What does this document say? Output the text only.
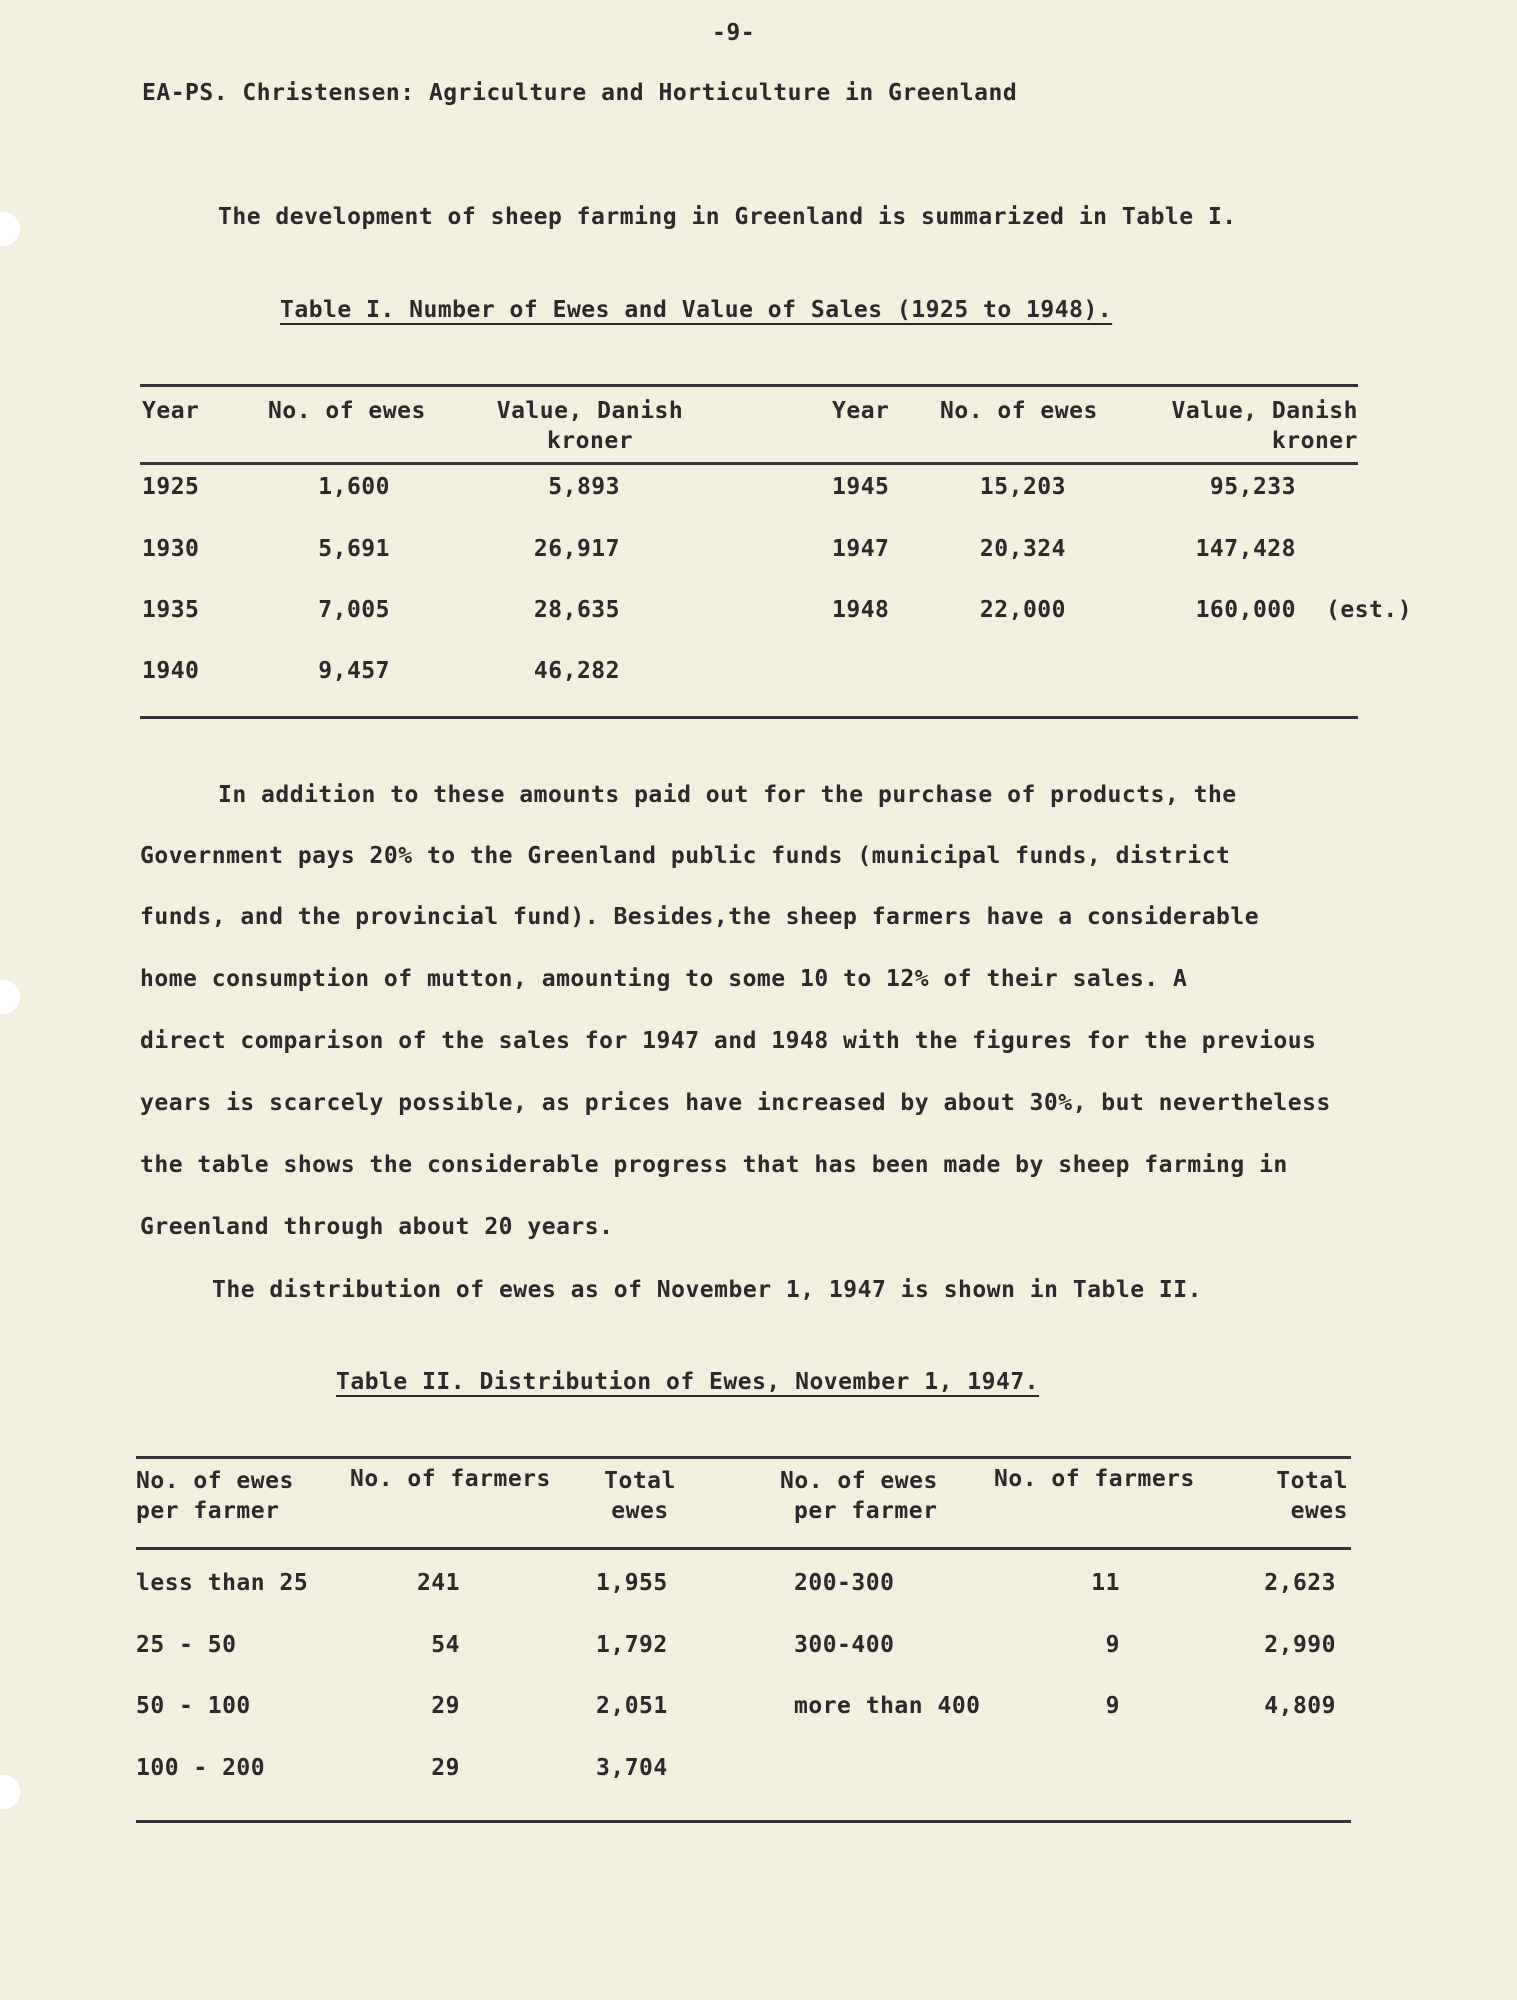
-9-
EA-PS. Christensen: Agriculture and Horticulture in Greenland
The development of sheep farming in Greenland is summarized in Table I.
Table I. Number of Ewes and Value of Sales (1925 to 1948).
Year	No. of ewes	Value, Danish
kroner
Year No. of ewes	Value, Danish
kroner
1925	1,600	5,893
1930	5,691	26,917
1935	7,005	28,635
1940	9,457	46,282
1945	15,203	95,233
1947	20,324	147,428
1948	22,000	160,000 (est.)
In addition to these amounts paid out for the purchase of products, the
Government pays 20% to the Greenland public funds (municipal funds, district
funds, and the provincial fund). Besides,the sheep farmers have a considerable
home consumption of mutton, amounting to some 10 to 12% of their sales. A
direct comparison of the sales for 1947 and 1948 with the figures for the previous
years is scarcely possible, as prices have increased by about 30%, but nevertheless
the table shows the considerable progress that has been made by sheep farming in
Greenland through about 20 years.
The distribution of ewes as of November 1, 1947 is shown in Table II.
Table II. Distribution of Ewes, November 1, 1947.
No. of ewes
per farmer
No. of farmers	Total
ewes
No. of ewes
per farmer
No. of farmers	Total
ewes
less than 25	241	1,955
25 - 50	54	1,792
50 - 100	29	2,051
100 - 200	29	3,704
200-300	11	2,623
300-400	9	2,990
more than 400	9	4,809
